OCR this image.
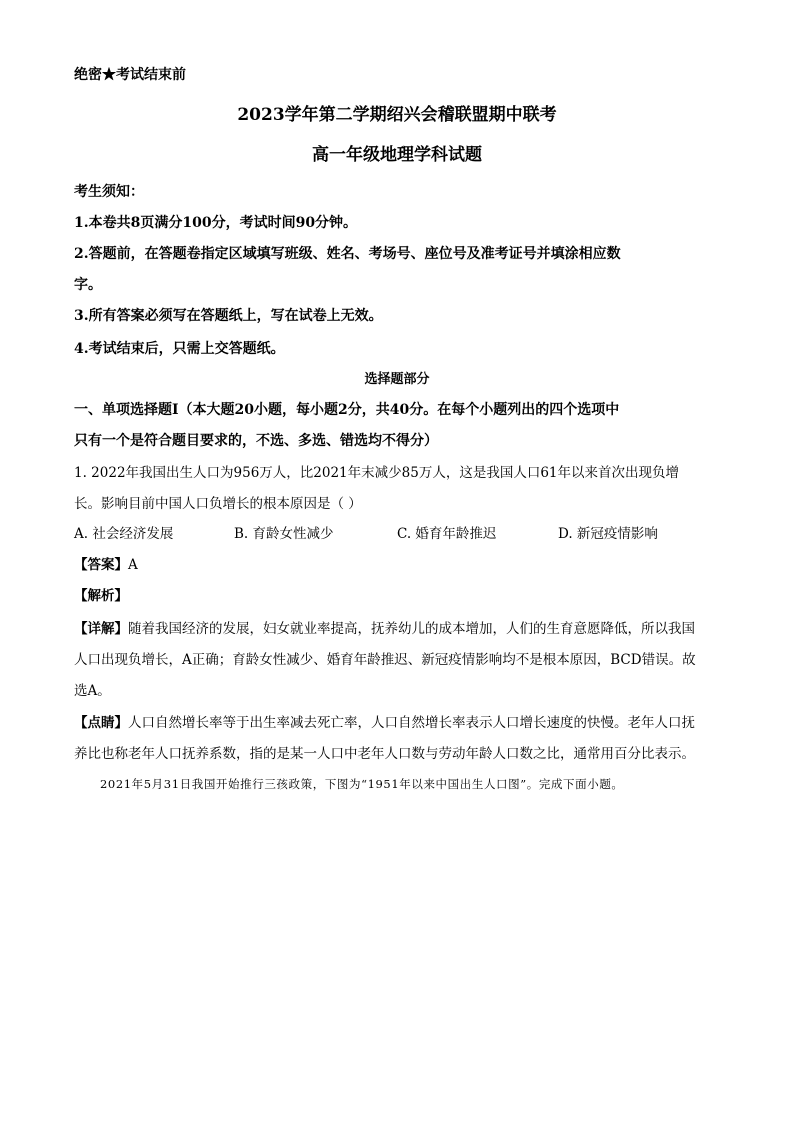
绝密★考试结束前
2023学年第二学期绍兴会稽联盟期中联考
高一年级地理学科试题
考生须知：
1.本卷共8页满分100分，考试时间90分钟。
2.答题前，在答题卷指定区域填写班级、姓名、考场号、座位号及准考证号并填涂相应数
字。
3.所有答案必须写在答题纸上，写在试卷上无效。
4.考试结束后，只需上交答题纸。
选择题部分
一、单项选择题Ⅰ（本大题20小题，每小题2分，共40分。在每个小题列出的四个选项中
只有一个是符合题目要求的，不选、多选、错选均不得分）
1. 2022年我国出生人口为956万人，比2021年末减少85万人，这是我国人口61年以来首次出现负增
长。影响目前中国人口负增长的根本原因是（ ）
A. 社会经济发展	B. 育龄女性减少	C. 婚育年龄推迟	D. 新冠疫情影响
【答案】A
【解析】
【详解】随着我国经济的发展，妇女就业率提高，抚养幼儿的成本增加，人们的生育意愿降低，所以我国
人口出现负增长，A正确；育龄女性减少、婚育年龄推迟、新冠疫情影响均不是根本原因，BCD错误。故
选A。
【点睛】人口自然增长率等于出生率减去死亡率，人口自然增长率表示人口增长速度的快慢。老年人口抚
养比也称老年人口抚养系数，指的是某一人口中老年人口数与劳动年龄人口数之比，通常用百分比表示。
2021年5月31日我国开始推行三孩政策，下图为“1951年以来中国出生人口图”。完成下面小题。
